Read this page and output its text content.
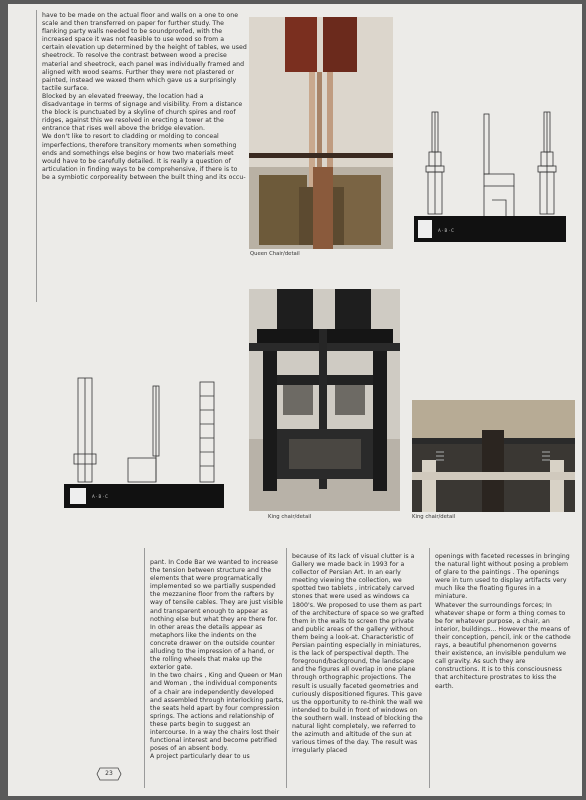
have to be made on the actual floor and walls on a one to one scale and then transferred on paper for further study. The flanking party walls needed to be soundproofed, with the increased space it was not feasible to use wood so from a certain elevation up determined by the height of tables, we used sheetrock. To resolve the contrast between wood a precise material and sheetrock, each panel was individually framed and aligned with wood seams. Further they were not plastered or painted, instead we waxed them which gave us a surprisingly tactile surface.

Blocked by an elevated freeway, the location had a disadvantage in terms of signage and visibility. From a distance the block is punctuated by a skyline of church spires and roof ridges, against this we resolved in erecting a tower at the entrance that rises well above the bridge elevation.

We don't like to resort to cladding or molding to conceal imperfections, therefore transitory moments when something ends and somethings else begins or how two materials meet would have to be carefully detailed. It is really a question of articulation in finding ways to be comprehensive, if there is to be a symbiotic corporeality between the built thing and its occu-

Queen Chair/detail
A · B · C
King chair/detail	King chair/detail
A · B · C

pant. In Code Bar we wanted to increase the tension between structure and the elements that were programatically implemented so we partially suspended the mezzanine floor from the rafters by way of tensile cables. They are just visible and transparent enough to appear as nothing else but what they are there for. In other areas the details appear as metaphors like the indents on the concrete drawer on the outside counter alluding to the impression of a hand, or the rolling wheels that make up the exterior gate.

In the two chairs , King and Queen or Man and Woman , the individual components of a chair are independently developed and assembled through interlocking parts, the seats held apart by four compression springs. The actions and relationship of these parts begin to suggest an intercourse. In a way the chairs lost their functional interest and become petrified poses of an absent body.

A project particularly dear to us

because of its lack of visual clutter is a Gallery we made back in 1993 for a collector of Persian Art. In an early meeting viewing the collection, we spotted two tablets , intricately carved stones that were used as windows ca 1800's. We proposed to use them as part of the architecture of space so we grafted them in the walls to screen the private and public areas of the gallery without them being a look-at. Characteristic of Persian painting especially in miniatures, is the lack of perspectival depth. The foreground/background, the landscape and the figures all overlap in one plane through orthographic projections. The result is usually faceted geometries and curiously dispositioned figures. This gave us the opportunity to re-think the wall we intended to build in front of windows on the southern wall. Instead of blocking the natural light completely, we referred to the azimuth and altitude of the sun at various times of the day. The result was irregularly placed

openings with faceted recesses in bringing the natural light without posing a problem of glare to the paintings . The openings were in turn used to display artifacts very much like the floating figures in a miniature.

Whatever the surroundings forces; In whatever shape or form a thing comes to be for whatever purpose, a chair, an interior, buildings... However the means of their conception, pencil, ink or the cathode rays, a beautiful phenomenon governs their existence, an invisible pendulum we call gravity. As such they are constructions. It is to this consciousness that architecture prostrates to kiss the earth.

23
